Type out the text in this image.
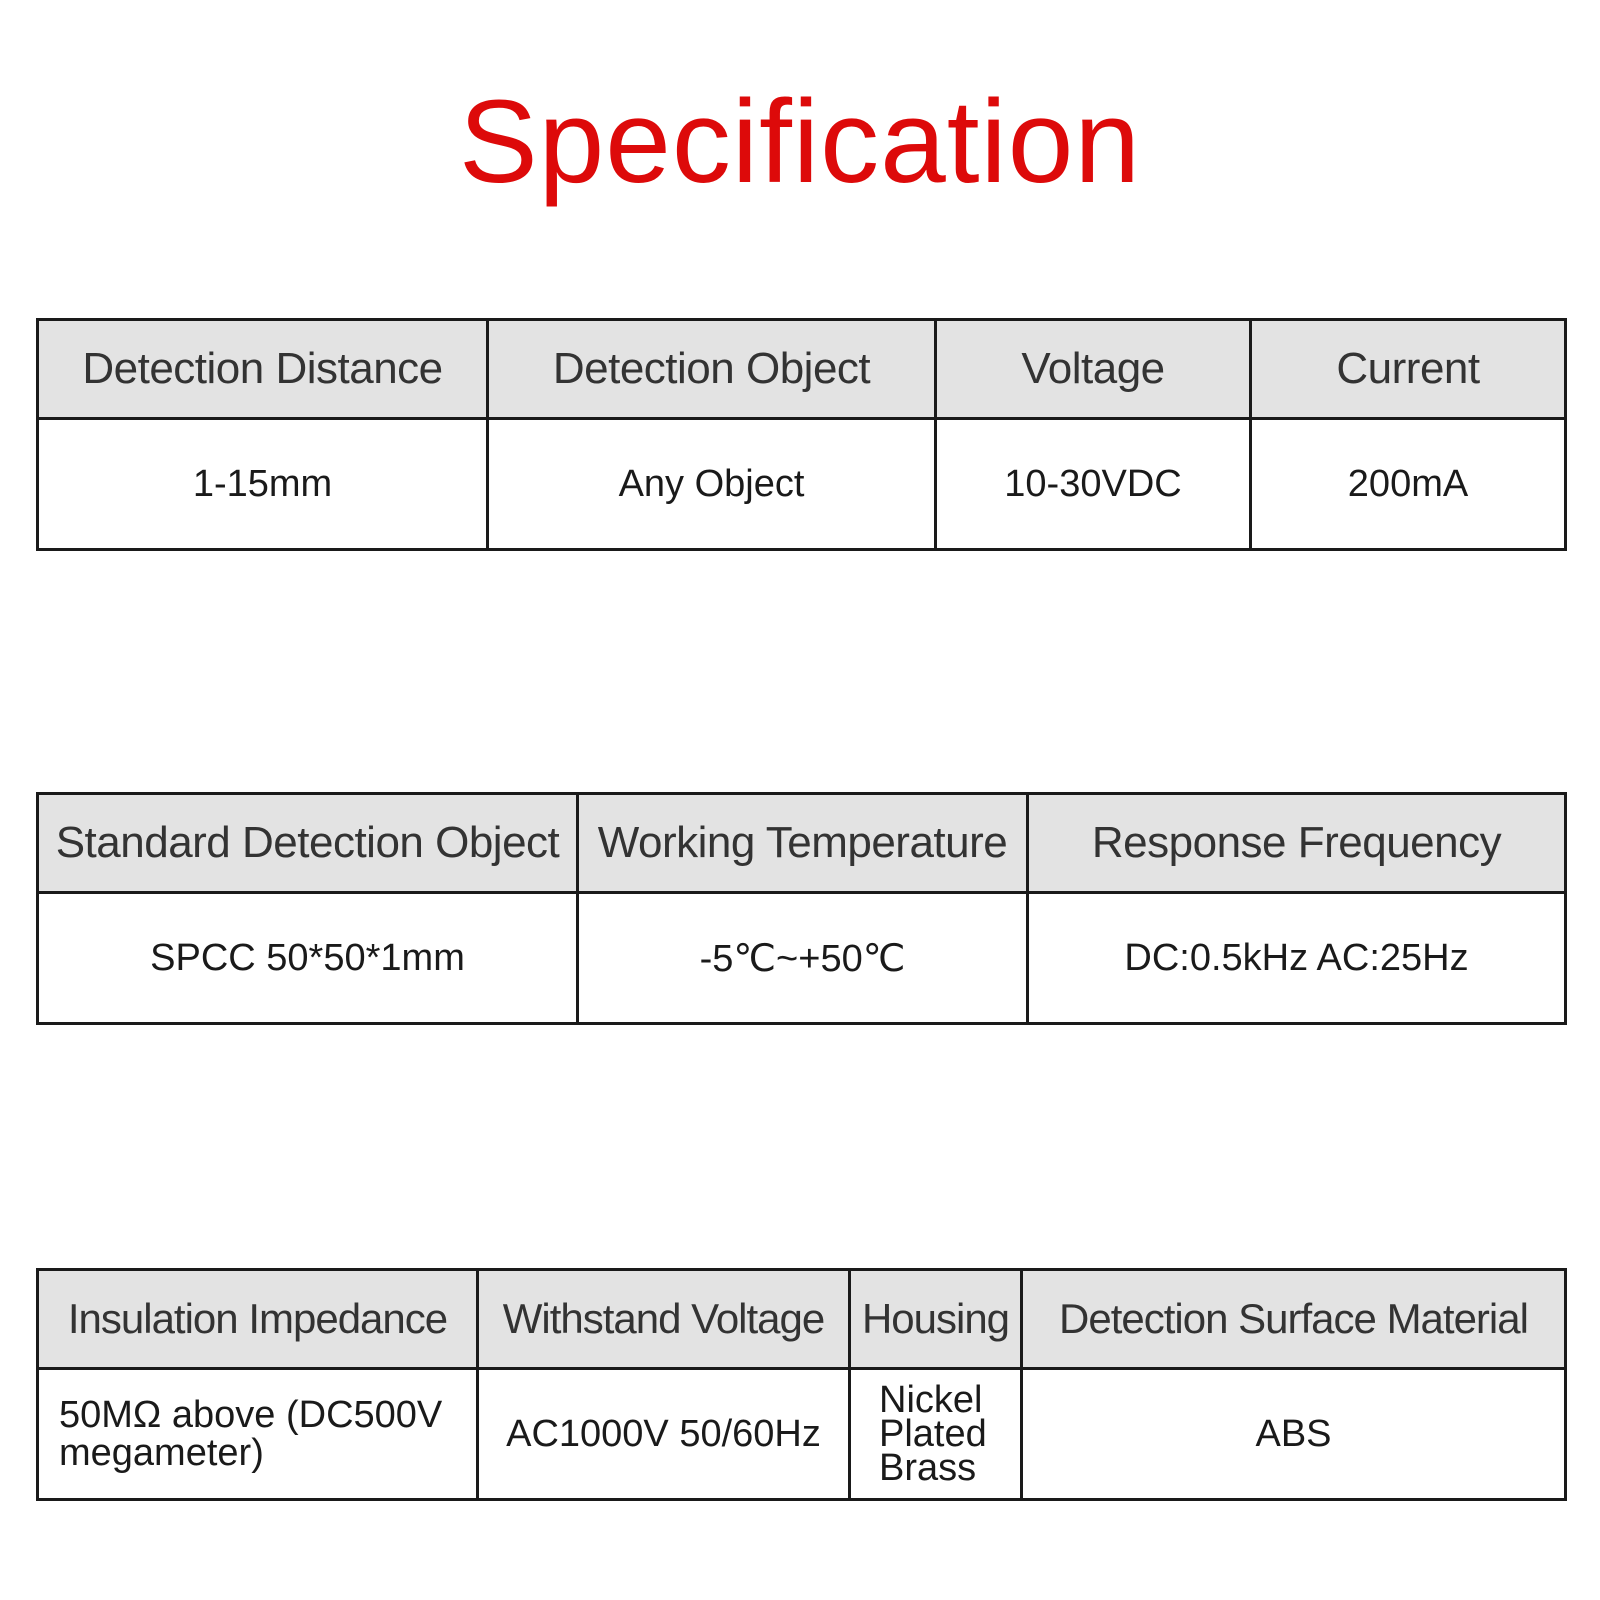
Specification
Detection Distance	Detection Object	Voltage	Current
1-15mm	Any Object	10-30VDC	200mA
Standard Detection Object	Working Temperature	Response Frequency
SPCC 50*50*1mm	-5℃~+50℃	DC:0.5kHz AC:25Hz
Insulation Impedance	Withstand Voltage	Housing	Detection Surface Material
50MΩ above (DC500V megameter)	AC1000V 50/60Hz	Nickel Plated Brass	ABS
